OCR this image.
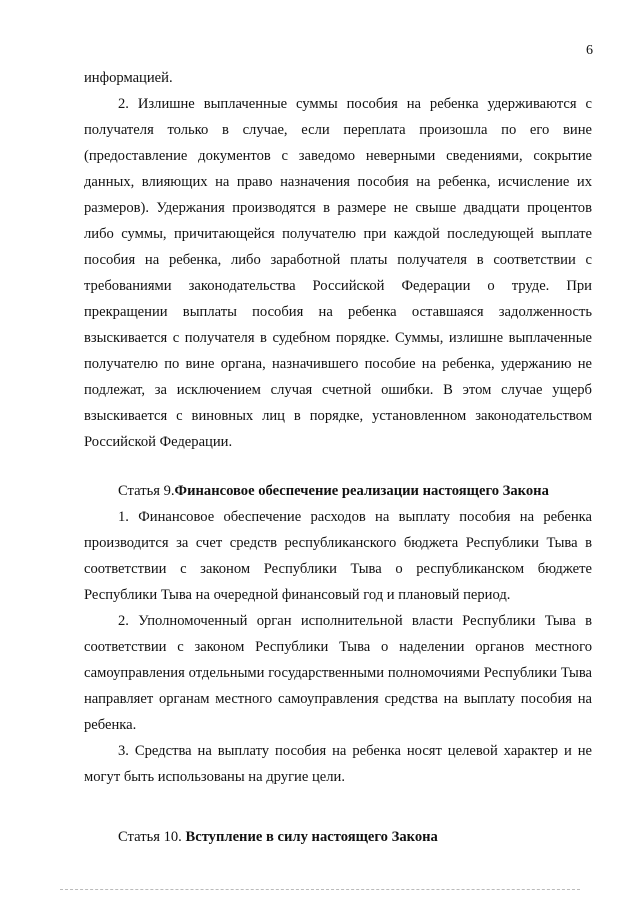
6

информацией.

2. Излишне выплаченные суммы пособия на ребенка удерживаются с получателя только в случае, если переплата произошла по его вине (предоставление документов с заведомо неверными сведениями, сокрытие данных, влияющих на право назначения пособия на ребенка, исчисление их размеров). Удержания производятся в размере не свыше двадцати процентов либо суммы, причитающейся получателю при каждой последующей выплате пособия на ребенка, либо заработной платы получателя в соответствии с требованиями законодательства Российской Федерации о труде. При прекращении выплаты пособия на ребенка оставшаяся задолженность взыскивается с получателя в судебном порядке. Суммы, излишне выплаченные получателю по вине органа, назначившего пособие на ребенка, удержанию не подлежат, за исключением случая счетной ошибки. В этом случае ущерб взыскивается с виновных лиц в порядке, установленном законодательством Российской Федерации.

Статья 9.Финансовое обеспечение реализации настоящего Закона

1. Финансовое обеспечение расходов на выплату пособия на ребенка производится за счет средств республиканского бюджета Республики Тыва в соответствии с законом Республики Тыва о республиканском бюджете Республики Тыва на очередной финансовый год и плановый период.

2. Уполномоченный орган исполнительной власти Республики Тыва в соответствии с законом Республики Тыва о наделении органов местного самоуправления отдельными государственными полномочиями Республики Тыва направляет органам местного самоуправления средства на выплату пособия на ребенка.

3. Средства на выплату пособия на ребенка носят целевой характер и не могут быть использованы на другие цели.

Статья 10. Вступление в силу настоящего Закона
